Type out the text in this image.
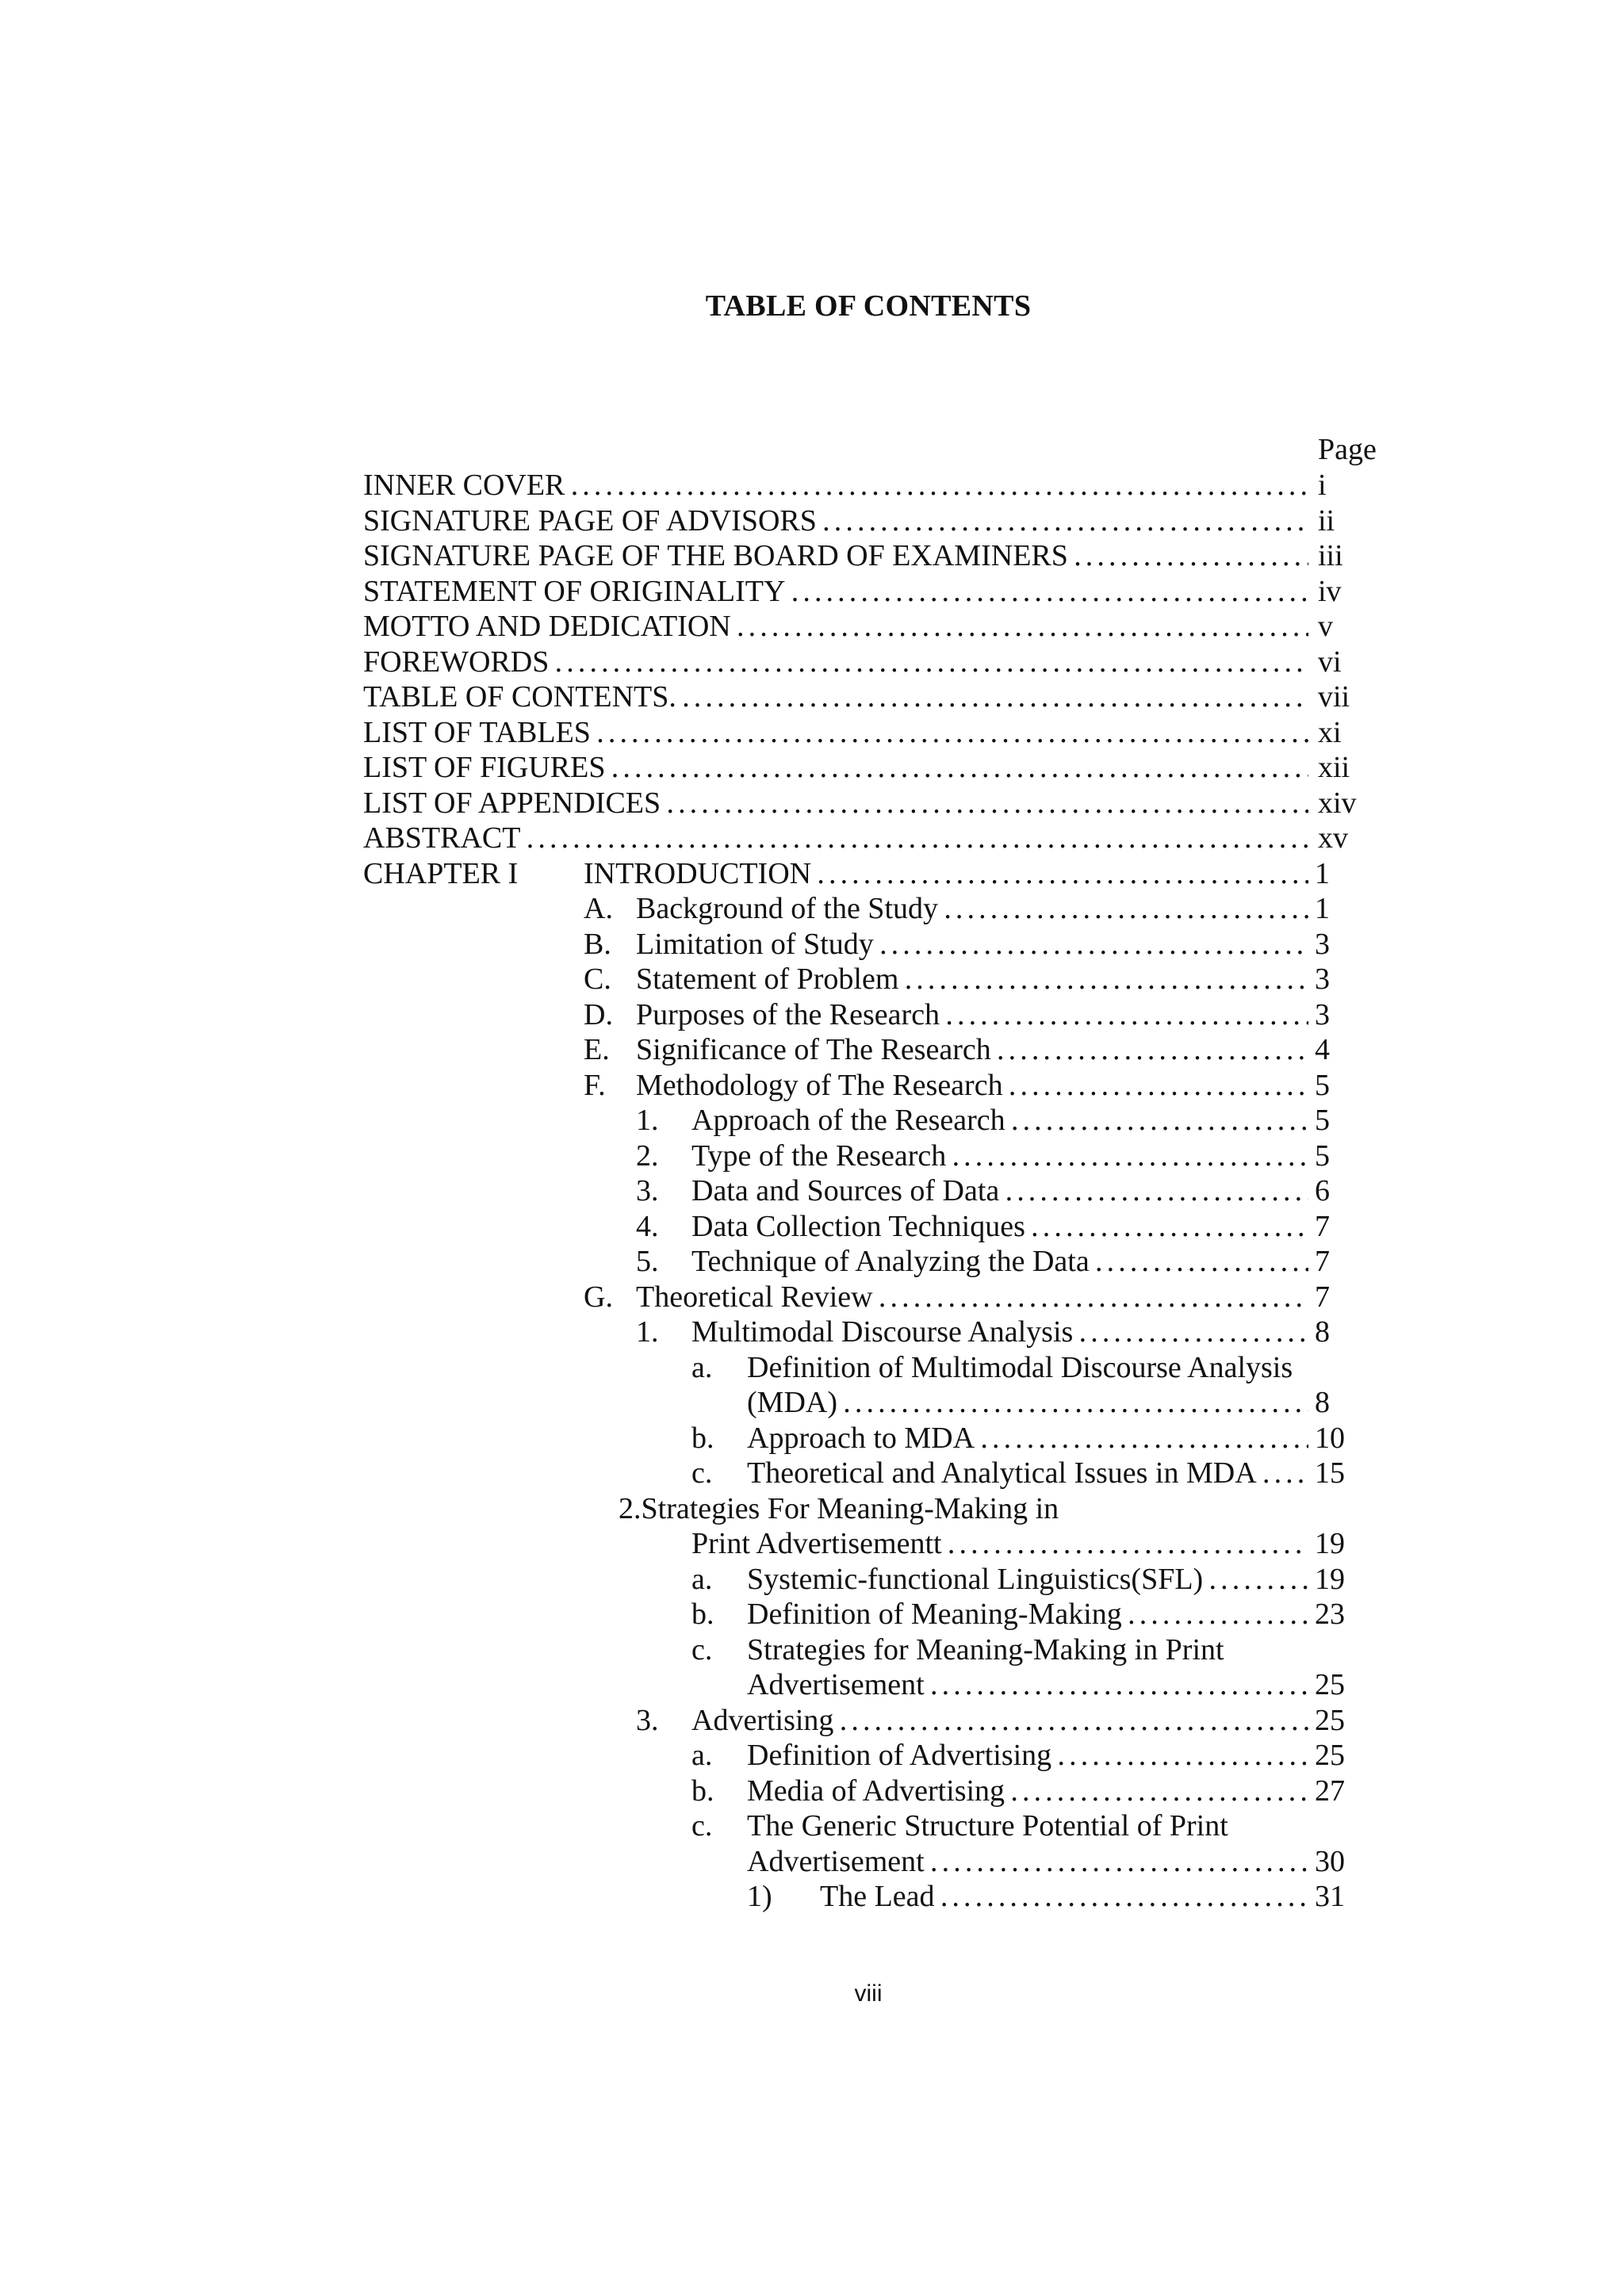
TABLE OF CONTENTS
Page
INNER COVER . . .	i
SIGNATURE PAGE OF ADVISORS . . .	ii
SIGNATURE PAGE OF THE BOARD OF EXAMINERS . . .	iii
STATEMENT OF ORIGINALITY . . .	iv
MOTTO AND DEDICATION . . .	v
FOREWORDS . . .	vi
TABLE OF CONTENTS. . . .	vii
LIST OF TABLES . . .	xi
LIST OF FIGURES . . .	xii
LIST OF APPENDICES . . .	xiv
ABSTRACT . . .	xv
CHAPTER I INTRODUCTION . . .	1
A. Background of the Study . . .	1
B. Limitation of Study . . .	3
C. Statement of Problem . . .	3
D. Purposes of the Research . . .	3
E. Significance of The Research . . .	4
F. Methodology of The Research . . .	5
1. Approach of the Research . . .	5
2. Type of the Research . . .	5
3. Data and Sources of Data . . .	6
4. Data Collection Techniques . . .	7
5. Technique of Analyzing the Data . . .	7
G. Theoretical Review . . .	7
1. Multimodal Discourse Analysis . . .	8
a. Definition of Multimodal Discourse Analysis
(MDA) . . .	8
b. Approach to MDA . . .	10
c. Theoretical and Analytical Issues in MDA . . .	15
2.Strategies For Meaning-Making in
Print Advertisementt . . .	19
a. Systemic-functional Linguistics(SFL) . . .	19
b. Definition of Meaning-Making . . .	23
c. Strategies for Meaning-Making in Print
Advertisement . . .	25
3. Advertising . . .	25
a. Definition of Advertising . . .	25
b. Media of Advertising . . .	27
c. The Generic Structure Potential of Print
Advertisement . . .	30
1) The Lead . . .	31
viii
